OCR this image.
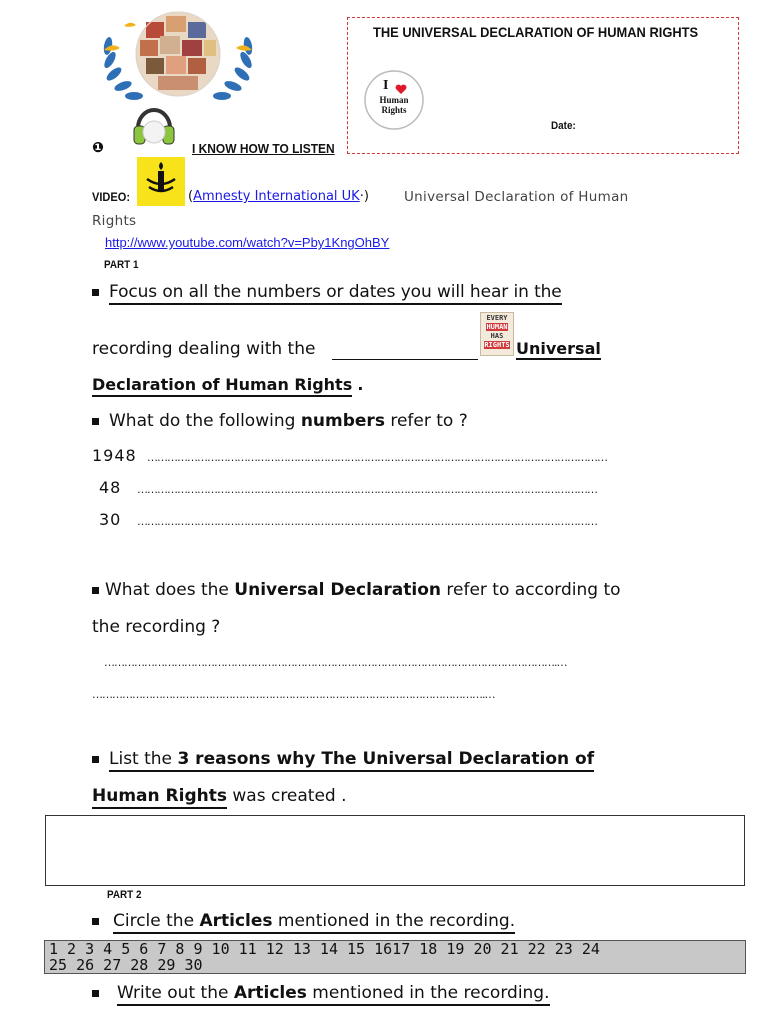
THE UNIVERSAL DECLARATION OF HUMAN RIGHTS
I
Human Rights
Date:
❶	I KNOW HOW TO LISTEN
VIDEO:	(Amnesty International UK·)	Universal Declaration of Human
Rights
http://www.youtube.com/watch?v=Pby1KngOhBY
PART 1
Focus on all the numbers or dates you will hear in the
recording dealing with the
EVERY
HUMAN
HAS
RIGHTS Universal
Declaration of Human Rights .
What do the following numbers refer to ?
1948 …………………………………………………………………………………………………………………………
48 …………………………………………………………………………………………………………………………
30 …………………………………………………………………………………………………………………………
What does the Universal Declaration refer to according to
the recording ?
……………………………………………………………………………………………………………………….…
……………………………………………………………………………………………………….…
List the 3 reasons why The Universal Declaration of
Human Rights was created .
PART 2
Circle the Articles mentioned in the recording.
1 2 3 4 5 6 7 8 9 10 11 12 13 14 15 1617 18 19 20 21 22 23 24
25 26 27 28 29 30
Write out the Articles mentioned in the recording.
